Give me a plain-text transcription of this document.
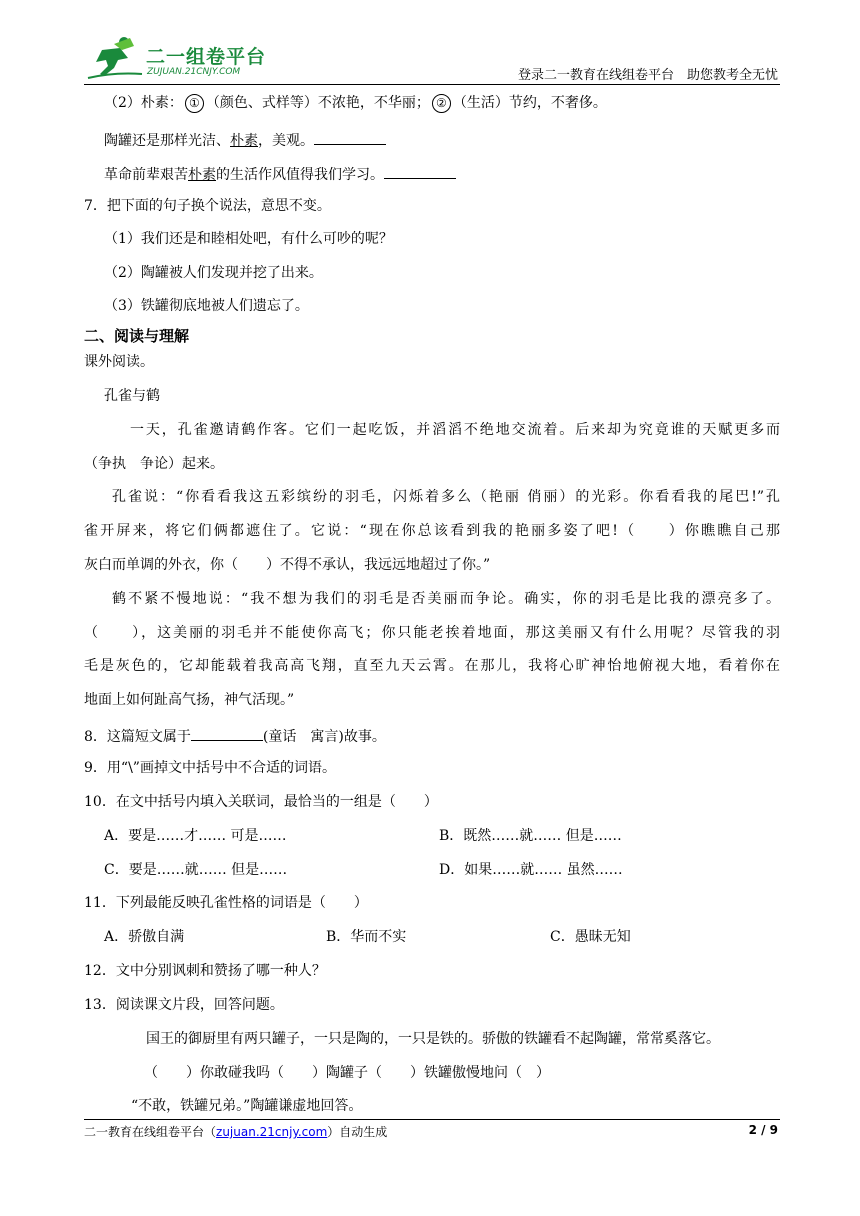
二一组卷平台
ZUJUAN.21CNJY.COM	登录二一教育在线组卷平台　助您教考全无忧
（2）朴素： ① （颜色、式样等）不浓艳，不华丽； ② （生活）节约，不奢侈。
陶罐还是那样光洁、朴素，美观。
革命前辈艰苦朴素的生活作风值得我们学习。
7．把下面的句子换个说法，意思不变。
（1）我们还是和睦相处吧，有什么可吵的呢？
（2）陶罐被人们发现并挖了出来。
（3）铁罐彻底地被人们遗忘了。
二、阅读与理解
课外阅读。
孔雀与鹤
一天，孔雀邀请鹤作客。它们一起吃饭，并滔滔不绝地交流着。后来却为究竟谁的天赋更多而
（争执　争论）起来。
孔雀说：“你看看我这五彩缤纷的羽毛，闪烁着多么（艳丽 俏丽）的光彩。你看看我的尾巴!”孔
雀开屏来，将它们俩都遮住了。它说：“现在你总该看到我的艳丽多姿了吧!（　　）你瞧瞧自己那
灰白而单调的外衣，你（　　）不得不承认，我远远地超过了你。”
鹤不紧不慢地说：“我不想为我们的羽毛是否美丽而争论。确实，你的羽毛是比我的漂亮多了。
（　　），这美丽的羽毛并不能使你高飞；你只能老挨着地面，那这美丽又有什么用呢？尽管我的羽
毛是灰色的，它却能载着我高高飞翔，直至九天云霄。在那儿，我将心旷神怡地俯视大地，看着你在
地面上如何趾高气扬，神气活现。”
8．这篇短文属于	(童话　寓言)故事。
9．用“\”画掉文中括号中不合适的词语。
10．在文中括号内填入关联词，最恰当的一组是（　　）
A．要是……才…… 可是……	B．既然……就…… 但是……
C．要是……就…… 但是……	D．如果……就…… 虽然……
11．下列最能反映孔雀性格的词语是（　　）
A．骄傲自满	B．华而不实	C．愚昧无知
12．文中分别讽刺和赞扬了哪一种人？
13．阅读课文片段，回答问题。
国王的御厨里有两只罐子，一只是陶的，一只是铁的。骄傲的铁罐看不起陶罐，常常奚落它。
（　　）你敢碰我吗（　　）陶罐子（　　）铁罐傲慢地问（　）
“不敢，铁罐兄弟。”陶罐谦虚地回答。
二一教育在线组卷平台（zujuan.21cnjy.com）自动生成	2 / 9
